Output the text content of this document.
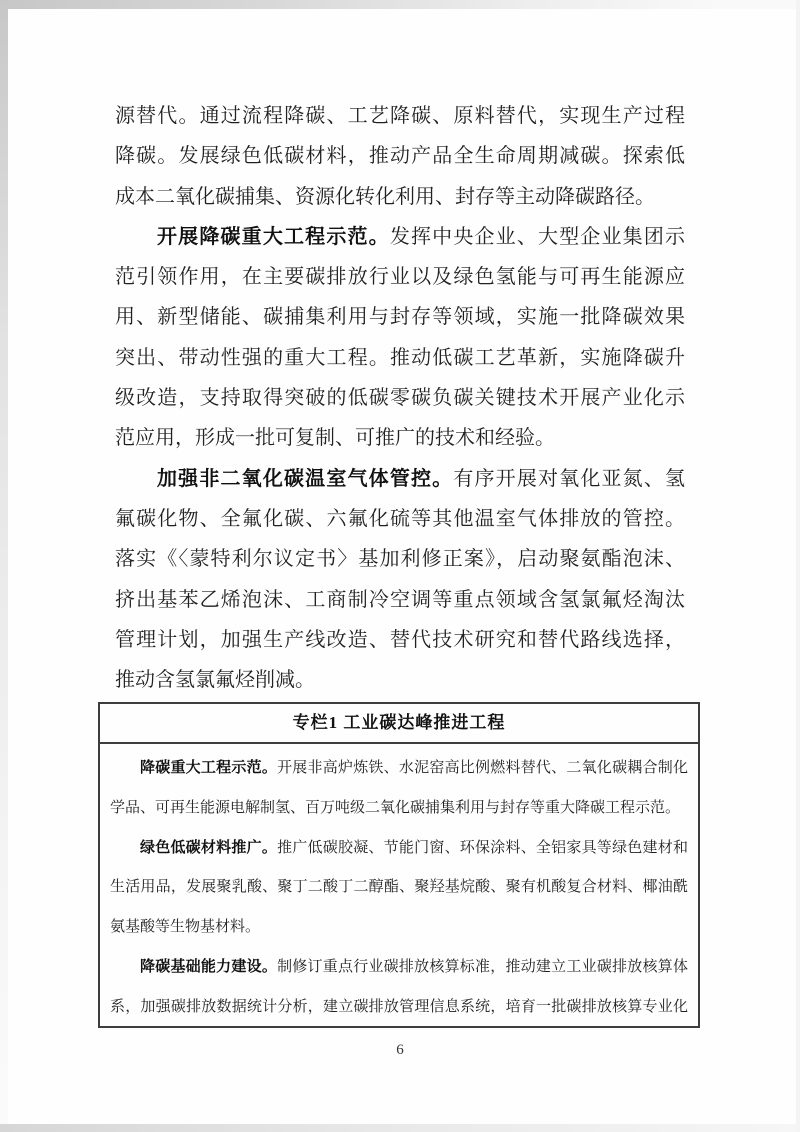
源替代。通过流程降碳、工艺降碳、原料替代，实现生产过程
降碳。发展绿色低碳材料，推动产品全生命周期减碳。探索低
成本二氧化碳捕集、资源化转化利用、封存等主动降碳路径。
开展降碳重大工程示范。发挥中央企业、大型企业集团示
范引领作用，在主要碳排放行业以及绿色氢能与可再生能源应
用、新型储能、碳捕集利用与封存等领域，实施一批降碳效果
突出、带动性强的重大工程。推动低碳工艺革新，实施降碳升
级改造，支持取得突破的低碳零碳负碳关键技术开展产业化示
范应用，形成一批可复制、可推广的技术和经验。
加强非二氧化碳温室气体管控。有序开展对氧化亚氮、氢
氟碳化物、全氟化碳、六氟化硫等其他温室气体排放的管控。
落实《〈蒙特利尔议定书〉基加利修正案》，启动聚氨酯泡沫、
挤出基苯乙烯泡沫、工商制冷空调等重点领域含氢氯氟烃淘汰
管理计划，加强生产线改造、替代技术研究和替代路线选择，
推动含氢氯氟烃削减。
专栏1 工业碳达峰推进工程
降碳重大工程示范。开展非高炉炼铁、水泥窑高比例燃料替代、二氧化碳耦合制化
学品、可再生能源电解制氢、百万吨级二氧化碳捕集利用与封存等重大降碳工程示范。
绿色低碳材料推广。推广低碳胶凝、节能门窗、环保涂料、全铝家具等绿色建材和
生活用品，发展聚乳酸、聚丁二酸丁二醇酯、聚羟基烷酸、聚有机酸复合材料、椰油酰
氨基酸等生物基材料。
降碳基础能力建设。制修订重点行业碳排放核算标准，推动建立工业碳排放核算体
系，加强碳排放数据统计分析，建立碳排放管理信息系统，培育一批碳排放核算专业化
6
